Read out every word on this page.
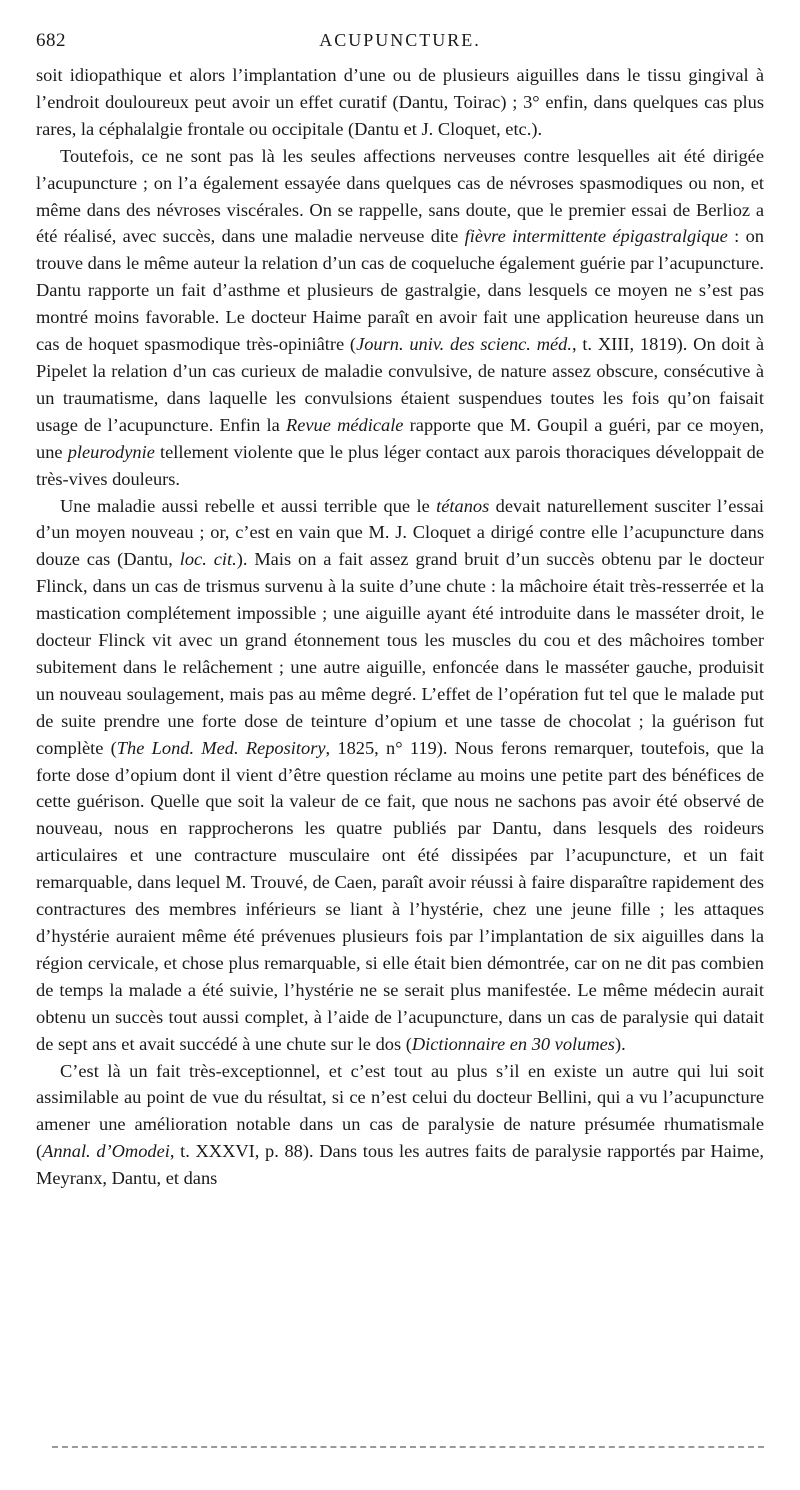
682	ACUPUNCTURE.

soit idiopathique et alors l’implantation d’une ou de plusieurs aiguilles dans le tissu gingival à l’endroit douloureux peut avoir un effet curatif (Dantu, Toirac) ; 3° enfin, dans quelques cas plus rares, la céphalalgie frontale ou occipitale (Dantu et J. Cloquet, etc.).

Toutefois, ce ne sont pas là les seules affections nerveuses contre lesquelles ait été dirigée l’acupuncture ; on l’a également essayée dans quelques cas de névroses spasmodiques ou non, et même dans des névroses viscérales. On se rappelle, sans doute, que le premier essai de Berlioz a été réalisé, avec succès, dans une maladie nerveuse dite fièvre intermittente épigastralgique : on trouve dans le même auteur la relation d’un cas de coqueluche également guérie par l’acupuncture. Dantu rapporte un fait d’asthme et plusieurs de gastralgie, dans lesquels ce moyen ne s’est pas montré moins favorable. Le docteur Haime paraît en avoir fait une application heureuse dans un cas de hoquet spasmodique très-opiniâtre (Journ. univ. des scienc. méd., t. XIII, 1819). On doit à Pipelet la relation d’un cas curieux de maladie convulsive, de nature assez obscure, consécutive à un traumatisme, dans laquelle les convulsions étaient suspendues toutes les fois qu’on faisait usage de l’acupuncture. Enfin la Revue médicale rapporte que M. Goupil a guéri, par ce moyen, une pleurodynie tellement violente que le plus léger contact aux parois thoraciques développait de très-vives douleurs.

Une maladie aussi rebelle et aussi terrible que le tétanos devait naturellement susciter l’essai d’un moyen nouveau ; or, c’est en vain que M. J. Cloquet a dirigé contre elle l’acupuncture dans douze cas (Dantu, loc. cit.). Mais on a fait assez grand bruit d’un succès obtenu par le docteur Flinck, dans un cas de trismus survenu à la suite d’une chute : la mâchoire était très-resserrée et la mastication complétement impossible ; une aiguille ayant été introduite dans le masséter droit, le docteur Flinck vit avec un grand étonnement tous les muscles du cou et des mâchoires tomber subitement dans le relâchement ; une autre aiguille, enfoncée dans le masséter gauche, produisit un nouveau soulagement, mais pas au même degré. L’effet de l’opération fut tel que le malade put de suite prendre une forte dose de teinture d’opium et une tasse de chocolat ; la guérison fut complète (The Lond. Med. Repository, 1825, n° 119). Nous ferons remarquer, toutefois, que la forte dose d’opium dont il vient d’être question réclame au moins une petite part des bénéfices de cette guérison. Quelle que soit la valeur de ce fait, que nous ne sachons pas avoir été observé de nouveau, nous en rapprocherons les quatre publiés par Dantu, dans lesquels des roideurs articulaires et une contracture musculaire ont été dissipées par l’acupuncture, et un fait remarquable, dans lequel M. Trouvé, de Caen, paraît avoir réussi à faire disparaître rapidement des contractures des membres inférieurs se liant à l’hystérie, chez une jeune fille ; les attaques d’hystérie auraient même été prévenues plusieurs fois par l’implantation de six aiguilles dans la région cervicale, et chose plus remarquable, si elle était bien démontrée, car on ne dit pas combien de temps la malade a été suivie, l’hystérie ne se serait plus manifestée. Le même médecin aurait obtenu un succès tout aussi complet, à l’aide de l’acupuncture, dans un cas de paralysie qui datait de sept ans et avait succédé à une chute sur le dos (Dictionnaire en 30 volumes).

C’est là un fait très-exceptionnel, et c’est tout au plus s’il en existe un autre qui lui soit assimilable au point de vue du résultat, si ce n’est celui du docteur Bellini, qui a vu l’acupuncture amener une amélioration notable dans un cas de paralysie de nature présumée rhumatismale (Annal. d’Omodei, t. XXXVI, p. 88). Dans tous les autres faits de paralysie rapportés par Haime, Meyranx, Dantu, et dans
